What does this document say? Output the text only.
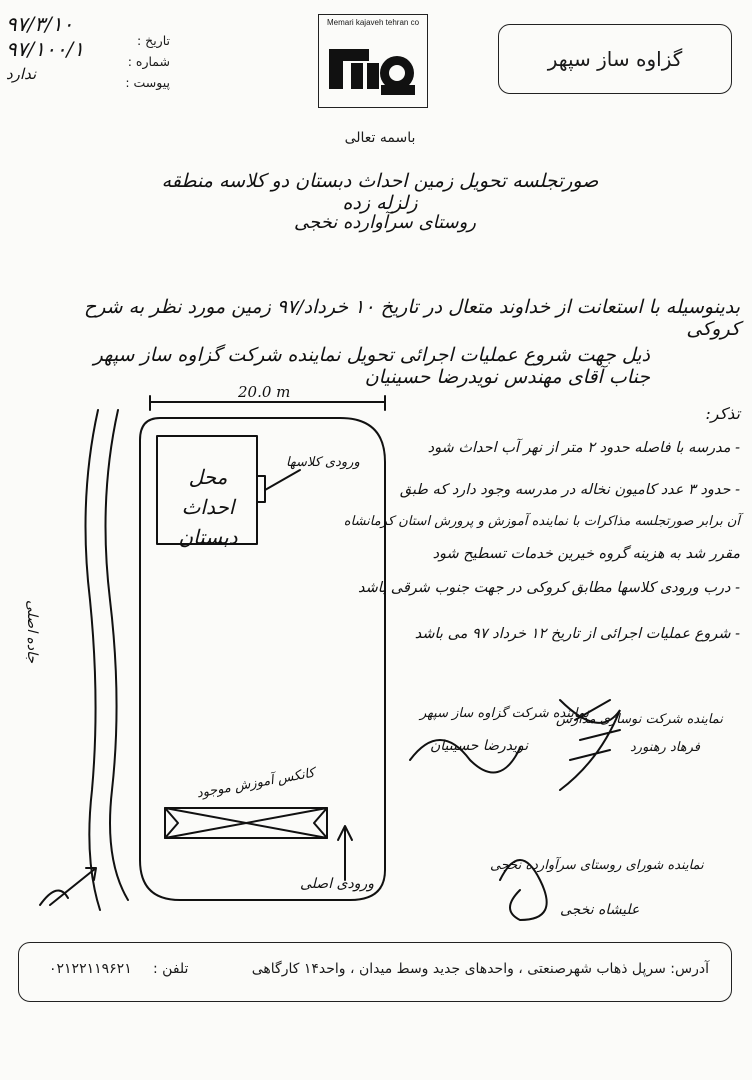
گزاوه ساز سپهر
Memari kajaveh tehran co
تاریخ :
شماره :
پیوست :
۹۷/۳/۱۰
۹۷/۱۰۰/۱
ندارد
باسمه تعالی
صورتجلسه تحویل زمین احداث دبستان دو کلاسه منطقه زلزله زده
روستای سرآوارده نخجی
بدینوسیله با استعانت از خداوند متعال در تاریخ ۱۰ خرداد/۹۷ زمین مورد نظر به شرح کروکی
ذیل جهت شروع عملیات اجرائی تحویل نماینده شرکت گزاوه ساز سپهر جناب آقای مهندس نویدرضا حسینیان
20.0 m
محل احداث دبستان
ورودی کلاسها
جاده اصلی
کانکس آموزش موجود
ورودی اصلی
تذکر:
- مدرسه با فاصله حدود ۲ متر از نهر آب احداث شود
- حدود ۳ عدد کامیون نخاله در مدرسه وجود دارد که طبق
آن برابر صورتجلسه مذاکرات با نماینده آموزش و پرورش استان کرمانشاه
مقرر شد به هزینه گروه خیرین خدمات تسطیح شود
- درب ورودی کلاسها مطابق کروکی در جهت جنوب شرقی باشد
- شروع عملیات اجرائی از تاریخ ۱۲ خرداد ۹۷ می باشد
نماینده شرکت گزاوه ساز سپهر
نویدرضا حسینیان
نماینده شرکت نوسازی مدارس
فرهاد رهنورد
نماینده شورای روستای سرآوارده نخجی
علیشاه نخجی
آدرس: سرپل ذهاب شهرصنعتی ، واحدهای جدید وسط میدان ، واحد۱۴ کارگاهی
تلفن :
۰۲۱۲۲۱۱۹۶۲۱
